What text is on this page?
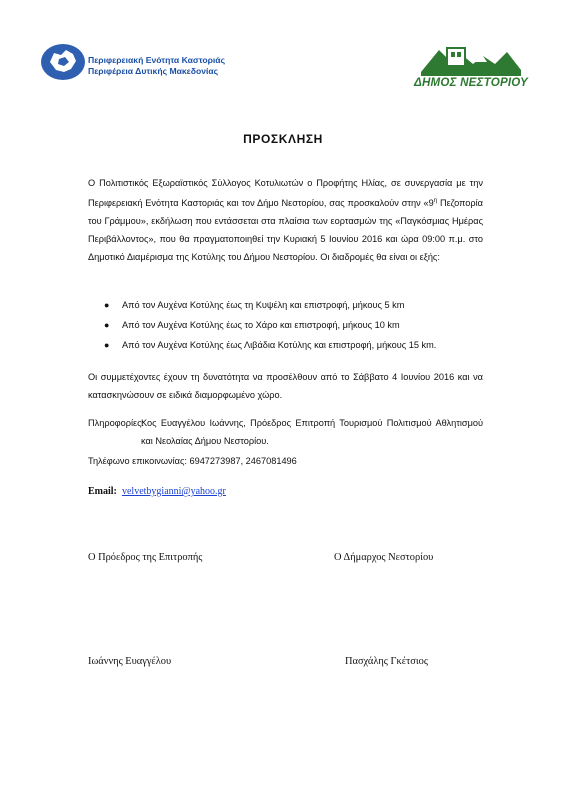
Περιφερειακή Ενότητα Καστοριάς
Περιφέρεια Δυτικής Μακεδονίας
ΔΗΜΟΣ ΝΕΣΤΟΡΙΟΥ
ΠΡΟΣΚΛΗΣΗ
Ο Πολιτιστικός Εξωραϊστικός Σύλλογος Κοτυλιωτών ο Προφήτης Ηλίας, σε συνεργασία με την Περιφερειακή Ενότητα Καστοριάς και τον Δήμο Νεστορίου, σας προσκαλούν στην «$9^\eta$ Πεζοπορία του Γράμμου», εκδήλωση που εντάσσεται στα πλαίσια των εορτασμών της «Παγκόσμιας Ημέρας Περιβάλλοντος», που θα πραγματοποιηθεί την Κυριακή 5 Ιουνίου 2016 και ώρα 09:00 π.μ. στο Δημοτικό Διαμέρισμα της Κοτύλης του Δήμου Νεστορίου. Οι διαδρομές θα είναι οι εξής:
● Από τον Αυχένα Κοτύλης έως τη Κυψέλη και επιστροφή, μήκους 5 km
● Από τον Αυχένα Κοτύλης έως το Χάρο και επιστροφή, μήκους 10 km
● Από τον Αυχένα Κοτύλης έως Λιβάδια Κοτύλης και επιστροφή, μήκους 15 km.
Οι συμμετέχοντες έχουν τη δυνατότητα να προσέλθουν από το Σάββατο 4 Ιουνίου 2016 και να κατασκηνώσουν σε ειδικά διαμορφωμένο χώρο.
Πληροφορίες:
Κος Ευαγγέλου Ιωάννης, Πρόεδρος Επιτροπή Τουρισμού Πολιτισμού Αθλητισμού και Νεολαίας Δήμου Νεστορίου.
Τηλέφωνο επικοινωνίας: 6947273987, 2467081496
Email: velvetbygianni@yahoo.gr
Ο Πρόεδρος της Επιτροπής	Ο Δήμαρχος Νεστορίου
Ιωάννης Ευαγγέλου	Πασχάλης Γκέτσιος
